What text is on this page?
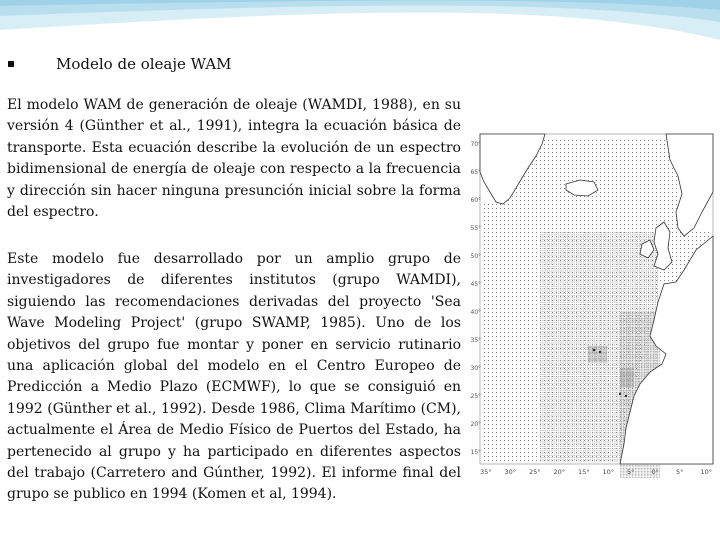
Modelo de oleaje WAM

El modelo WAM de generación de oleaje (WAMDI, 1988), en su versión 4 (Günther et al., 1991), integra la ecuación básica de transporte. Esta ecuación describe la evolución de un espectro bidimensional de energía de oleaje con respecto a la frecuencia y dirección sin hacer ninguna presunción inicial sobre la forma del espectro.

Este modelo fue desarrollado por un amplio grupo de investigadores de diferentes institutos (grupo WAMDI), siguiendo las recomendaciones derivadas del proyecto 'Sea Wave Modeling Project' (grupo SWAMP, 1985). Uno de los objetivos del grupo fue montar y poner en servicio rutinario una aplicación global del modelo en el Centro Europeo de Predicción a Medio Plazo (ECMWF), lo que se consiguió en 1992 (Günther et al., 1992). Desde 1986, Clima Marítimo (CM), actualmente el Área de Medio Físico de Puertos del Estado, ha pertenecido al grupo y ha participado en diferentes aspectos del trabajo (Carretero and Gúnther, 1992). El informe final del grupo se publico en 1994 (Komen et al, 1994).

70°
65°
60°
55°
50°
45°
40°
35°
30°
25°
20°
15°
35° 30° 25° 20° 15° 10° 5°	0°	5°	10°
